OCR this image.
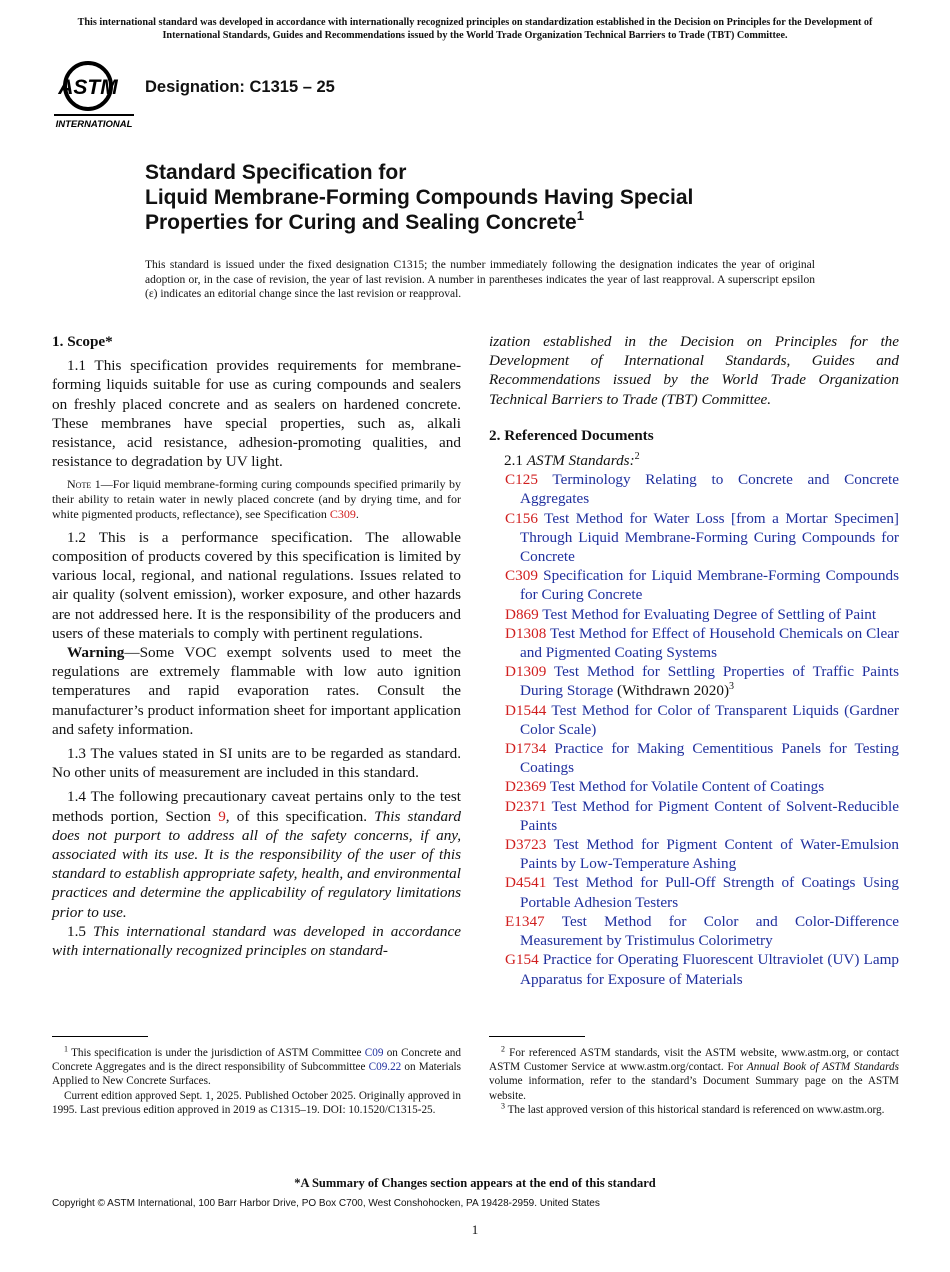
This international standard was developed in accordance with internationally recognized principles on standardization established in the Decision on Principles for the Development of International Standards, Guides and Recommendations issued by the World Trade Organization Technical Barriers to Trade (TBT) Committee.
ASTM
INTERNATIONAL
Designation: C1315 – 25
Standard Specification for
Liquid Membrane-Forming Compounds Having Special
Properties for Curing and Sealing Concrete$^1$
This standard is issued under the fixed designation C1315; the number immediately following the designation indicates the year of original adoption or, in the case of revision, the year of last revision. A number in parentheses indicates the year of last reapproval. A superscript epsilon (ε) indicates an editorial change since the last revision or reapproval.

1. Scope*

1.1 This specification provides requirements for membrane-forming liquids suitable for use as curing compounds and sealers on freshly placed concrete and as sealers on hardened concrete. These membranes have special properties, such as, alkali resistance, acid resistance, adhesion-promoting qualities, and resistance to degradation by UV light.

Note 1—For liquid membrane-forming curing compounds specified primarily by their ability to retain water in newly placed concrete (and by drying time, and for white pigmented products, reflectance), see Specification C309.

1.2 This is a performance specification. The allowable composition of products covered by this specification is limited by various local, regional, and national regulations. Issues related to air quality (solvent emission), worker exposure, and other hazards are not addressed here. It is the responsibility of the producers and users of these materials to comply with pertinent regulations.

Warning—Some VOC exempt solvents used to meet the regulations are extremely flammable with low auto ignition temperatures and rapid evaporation rates. Consult the manufacturer’s product information sheet for important application and safety information.

1.3 The values stated in SI units are to be regarded as standard. No other units of measurement are included in this standard.

1.4 The following precautionary caveat pertains only to the test methods portion, Section 9, of this specification. This standard does not purport to address all of the safety concerns, if any, associated with its use. It is the responsibility of the user of this standard to establish appropriate safety, health, and environmental practices and determine the applicability of regulatory limitations prior to use.

1.5 This international standard was developed in accordance with internationally recognized principles on standard-

ization established in the Decision on Principles for the Development of International Standards, Guides and Recommendations issued by the World Trade Organization Technical Barriers to Trade (TBT) Committee.

2. Referenced Documents

2.1 ASTM Standards:$^2$

C125 Terminology Relating to Concrete and Concrete Aggregates
C156 Test Method for Water Loss [from a Mortar Specimen] Through Liquid Membrane-Forming Curing Compounds for Concrete
C309 Specification for Liquid Membrane-Forming Compounds for Curing Concrete
D869 Test Method for Evaluating Degree of Settling of Paint
D1308 Test Method for Effect of Household Chemicals on Clear and Pigmented Coating Systems
D1309 Test Method for Settling Properties of Traffic Paints During Storage (Withdrawn 2020)$^3$
D1544 Test Method for Color of Transparent Liquids (Gardner Color Scale)
D1734 Practice for Making Cementitious Panels for Testing Coatings
D2369 Test Method for Volatile Content of Coatings
D2371 Test Method for Pigment Content of Solvent-Reducible Paints
D3723 Test Method for Pigment Content of Water-Emulsion Paints by Low-Temperature Ashing
D4541 Test Method for Pull-Off Strength of Coatings Using Portable Adhesion Testers
E1347 Test Method for Color and Color-Difference Measurement by Tristimulus Colorimetry
G154 Practice for Operating Fluorescent Ultraviolet (UV) Lamp Apparatus for Exposure of Materials

$^1$ This specification is under the jurisdiction of ASTM Committee C09 on Concrete and Concrete Aggregates and is the direct responsibility of Subcommittee C09.22 on Materials Applied to New Concrete Surfaces.

Current edition approved Sept. 1, 2025. Published October 2025. Originally approved in 1995. Last previous edition approved in 2019 as C1315–19. DOI: 10.1520/C1315-25.

$^2$ For referenced ASTM standards, visit the ASTM website, www.astm.org, or contact ASTM Customer Service at www.astm.org/contact. For Annual Book of ASTM Standards volume information, refer to the standard’s Document Summary page on the ASTM website.

$^3$ The last approved version of this historical standard is referenced on www.astm.org.

*A Summary of Changes section appears at the end of this standard
Copyright © ASTM International, 100 Barr Harbor Drive, PO Box C700, West Conshohocken, PA 19428-2959. United States
1
